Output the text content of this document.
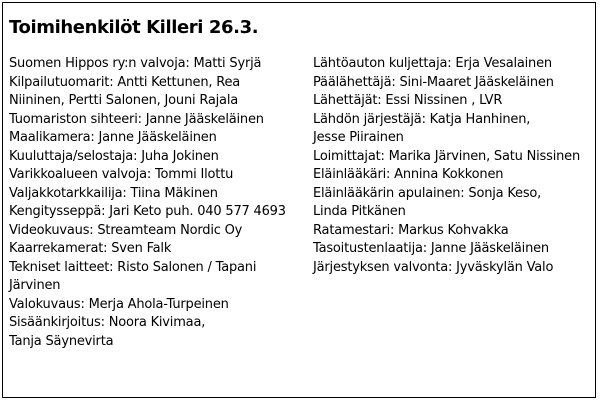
Toimihenkilöt Killeri 26.3.
Suomen Hippos ry:n valvoja: Matti Syrjä
Kilpailutuomarit: Antti Kettunen, Rea
Niininen, Pertti Salonen, Jouni Rajala
Tuomariston sihteeri: Janne Jääskeläinen
Maalikamera: Janne Jääskeläinen
Kuuluttaja/selostaja: Juha Jokinen
Varikkoalueen valvoja: Tommi Ilottu
Valjakkotarkkailija: Tiina Mäkinen
Kengitysseppä: Jari Keto puh. 040 577 4693
Videokuvaus: Streamteam Nordic Oy
Kaarrekamerat: Sven Falk
Tekniset laitteet: Risto Salonen / Tapani
Järvinen
Valokuvaus: Merja Ahola-Turpeinen
Sisäänkirjoitus: Noora Kivimaa,
Tanja Säynevirta
Lähtöauton kuljettaja: Erja Vesalainen
Päälähettäjä: Sini-Maaret Jääskeläinen
Lähettäjät: Essi Nissinen , LVR
Lähdön järjestäjä: Katja Hanhinen,
Jesse Piirainen
Loimittajat: Marika Järvinen, Satu Nissinen
Eläinlääkäri: Annina Kokkonen
Eläinlääkärin apulainen: Sonja Keso,
Linda Pitkänen
Ratamestari: Markus Kohvakka
Tasoitustenlaatija: Janne Jääskeläinen
Järjestyksen valvonta: Jyväskylän Valo
